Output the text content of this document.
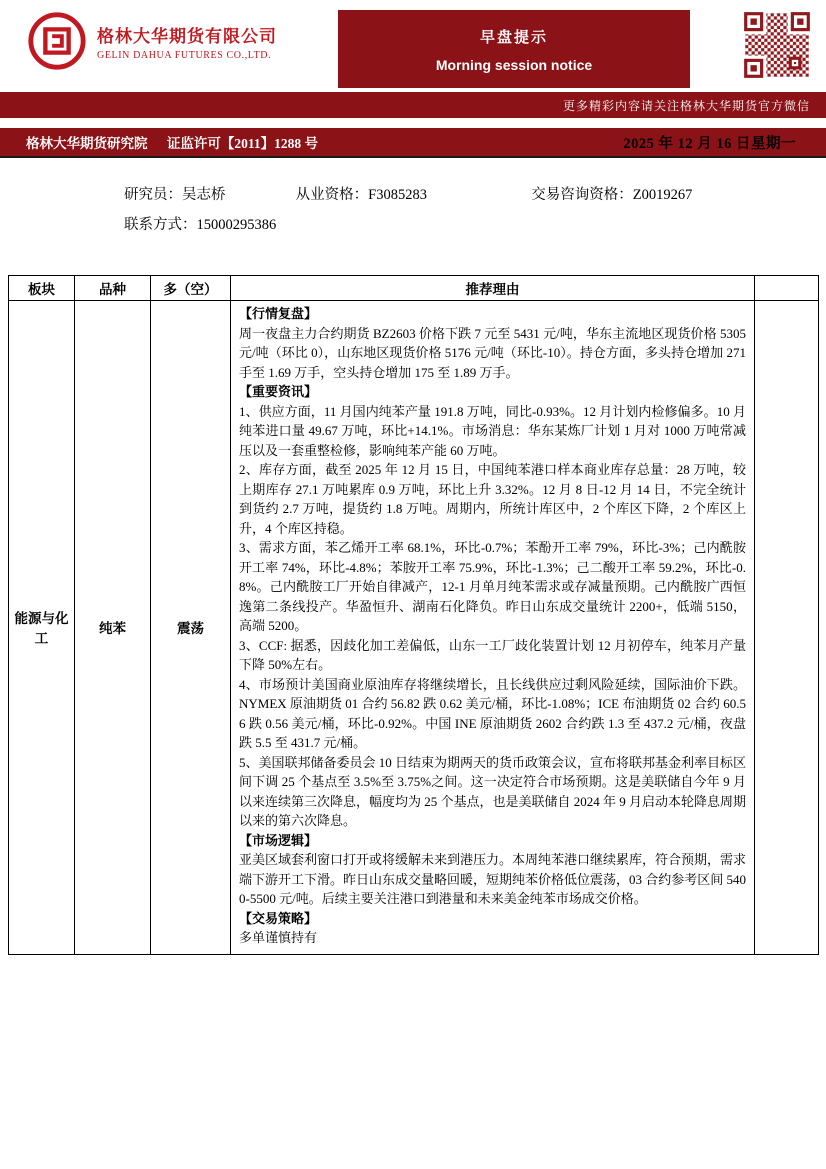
格林大华期货有限公司
GELIN DAHUA FUTURES CO.,LTD.
早盘提示
Morning session notice
更多精彩内容请关注格林大华期货官方微信
格林大华期货研究院 证监许可【2011】1288 号	2025 年 12 月 16 日星期一
研究员：吴志桥	从业资格：F3085283	交易咨询资格：Z0019267
联系方式：15000295386
板块	品种	多（空）	推荐理由	
能源与化工	纯苯	震荡	
【行情复盘】
周一夜盘主力合约期货 BZ2603 价格下跌 7 元至 5431 元/吨，华东主流地区现货价格 5305 元/吨（环比 0），山东地区现货价格 5176 元/吨（环比-10）。持仓方面，多头持仓增加 271 手至 1.69 万手，空头持仓增加 175 至 1.89 万手。
【重要资讯】
1、供应方面，11 月国内纯苯产量 191.8 万吨，同比-0.93%。12 月计划内检修偏多。10 月纯苯进口量 49.67 万吨，环比+14.1%。市场消息：华东某炼厂计划 1 月对 1000 万吨常减压以及一套重整检修，影响纯苯产能 60 万吨。
2、库存方面，截至 2025 年 12 月 15 日，中国纯苯港口样本商业库存总量：28 万吨，较上期库存 27.1 万吨累库 0.9 万吨，环比上升 3.32%。12 月 8 日-12 月 14 日，不完全统计到货约 2.7 万吨，提货约 1.8 万吨。周期内，所统计库区中，2 个库区下降，2 个库区上升，4 个库区持稳。
3、需求方面，苯乙烯开工率 68.1%，环比-0.7%；苯酚开工率 79%，环比-3%；己内酰胺开工率 74%，环比-4.8%；苯胺开工率 75.9%，环比-1.3%；己二酸开工率 59.2%，环比-0.8%。己内酰胺工厂开始自律减产，12-1 月单月纯苯需求或存减量预期。己内酰胺广西恒逸第二条线投产。华盈恒升、湖南石化降负。昨日山东成交量统计 2200+，低端 5150，高端 5200。
3、CCF: 据悉，因歧化加工差偏低，山东一工厂歧化装置计划 12 月初停车，纯苯月产量下降 50%左右。
4、市场预计美国商业原油库存将继续增长，且长线供应过剩风险延续，国际油价下跌。NYMEX 原油期货 01 合约 56.82 跌 0.62 美元/桶，环比-1.08%；ICE 布油期货 02 合约 60.56 跌 0.56 美元/桶，环比-0.92%。中国 INE 原油期货 2602 合约跌 1.3 至 437.2 元/桶，夜盘跌 5.5 至 431.7 元/桶。
5、美国联邦储备委员会 10 日结束为期两天的货币政策会议，宣布将联邦基金利率目标区间下调 25 个基点至 3.5%至 3.75%之间。这一决定符合市场预期。这是美联储自今年 9 月以来连续第三次降息，幅度均为 25 个基点，也是美联储自 2024 年 9 月启动本轮降息周期以来的第六次降息。
【市场逻辑】
亚美区域套利窗口打开或将缓解未来到港压力。本周纯苯港口继续累库，符合预期，需求端下游开工下滑。昨日山东成交量略回暖，短期纯苯价格低位震荡，03 合约参考区间 5400-5500 元/吨。后续主要关注港口到港量和未来美金纯苯市场成交价格。
【交易策略】
多单谨慎持有
